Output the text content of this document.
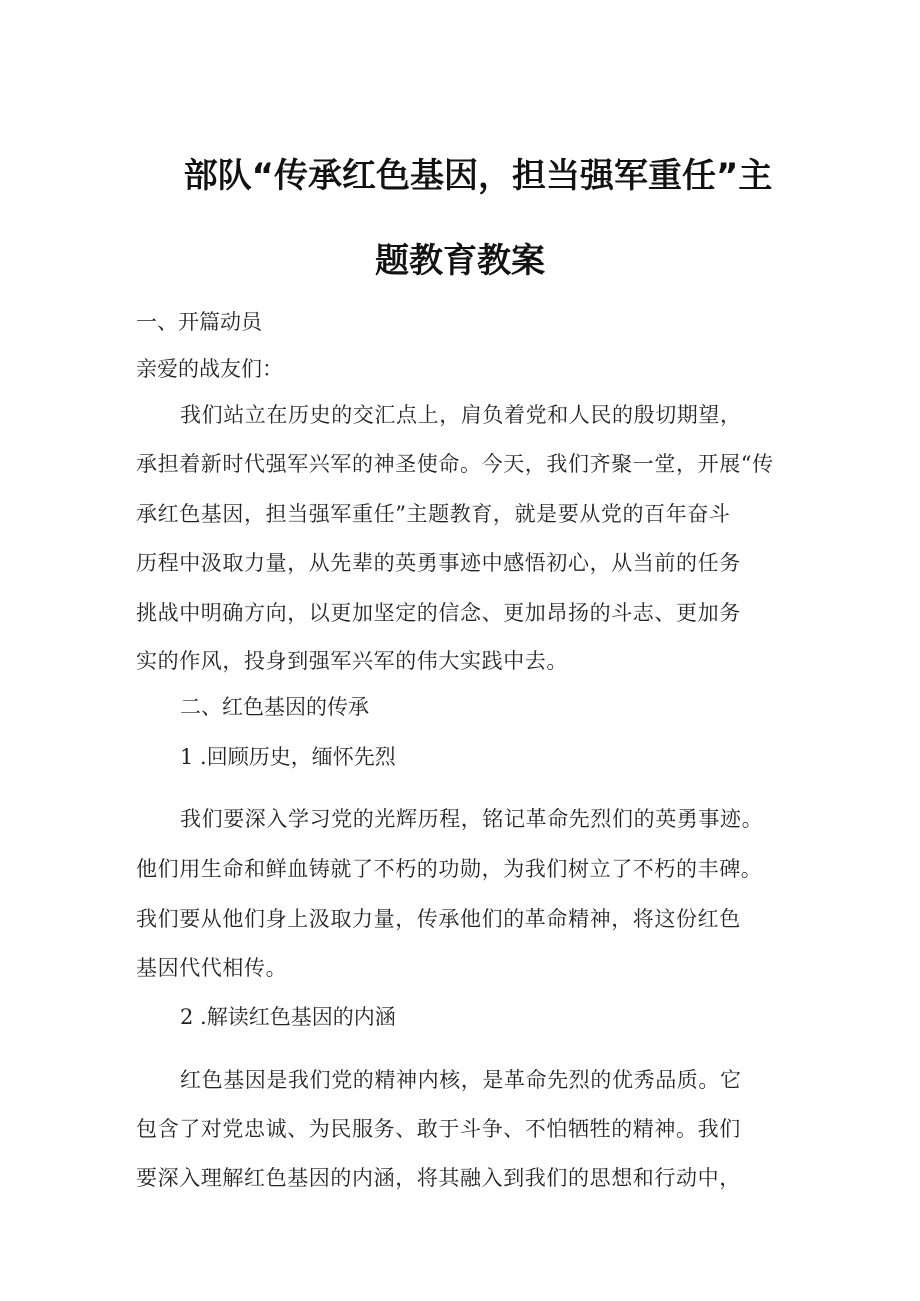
部队“传承红色基因，担当强军重任”主
题教育教案
一、开篇动员
亲爱的战友们：
我们站立在历史的交汇点上，肩负着党和人民的殷切期望，
承担着新时代强军兴军的神圣使命。今天，我们齐聚一堂，开展“传
承红色基因，担当强军重任”主题教育，就是要从党的百年奋斗
历程中汲取力量，从先辈的英勇事迹中感悟初心，从当前的任务
挑战中明确方向，以更加坚定的信念、更加昂扬的斗志、更加务
实的作风，投身到强军兴军的伟大实践中去。
二、红色基因的传承
1 .回顾历史，缅怀先烈
我们要深入学习党的光辉历程，铭记革命先烈们的英勇事迹。
他们用生命和鲜血铸就了不朽的功勋，为我们树立了不朽的丰碑。
我们要从他们身上汲取力量，传承他们的革命精神，将这份红色
基因代代相传。
2 .解读红色基因的内涵
红色基因是我们党的精神内核，是革命先烈的优秀品质。它
包含了对党忠诚、为民服务、敢于斗争、不怕牺牲的精神。我们
要深入理解红色基因的内涵，将其融入到我们的思想和行动中，
